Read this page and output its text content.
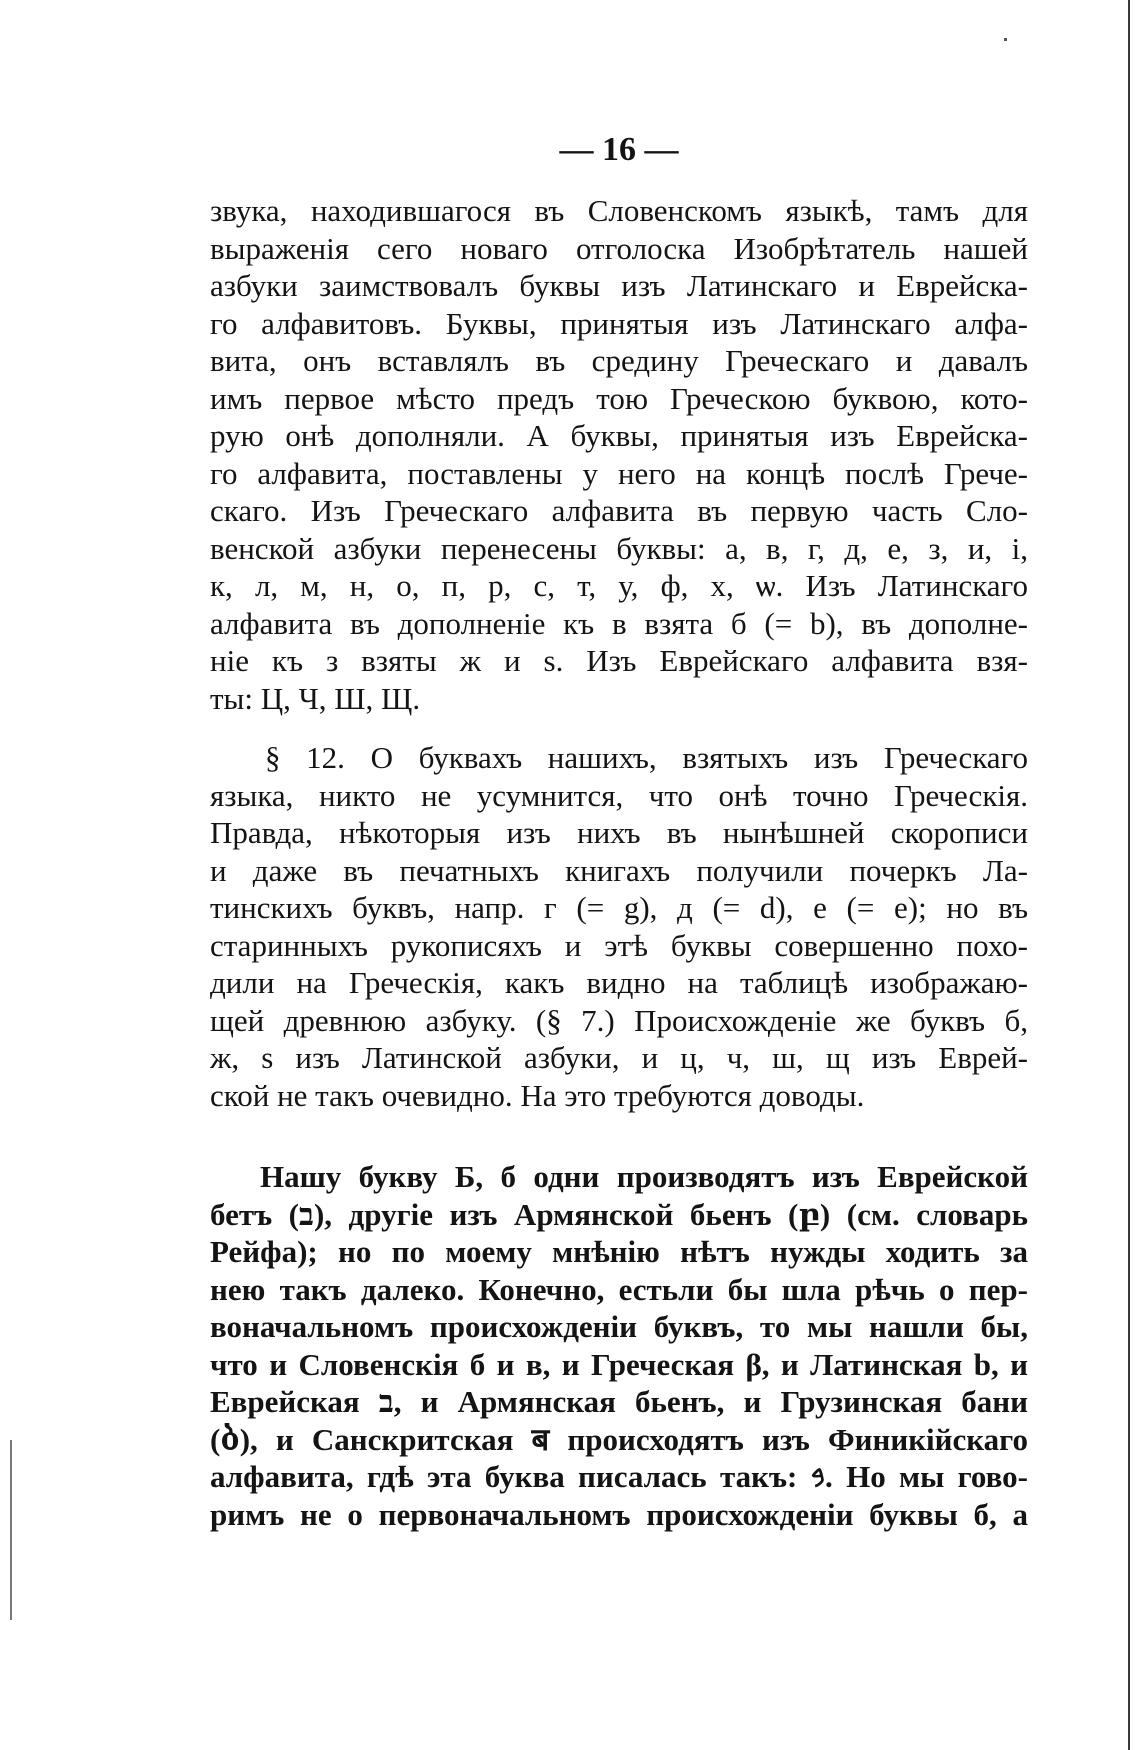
— 16 —
звука, находившагося въ Словенскомъ языкѣ, тамъ для
выраженія сего новаго отголоска Изобрѣтатель нашей
азбуки заимствовалъ буквы изъ Латинскаго и Еврейска-
го алфавитовъ. Буквы, принятыя изъ Латинскаго алфа-
вита, онъ вставлялъ въ средину Греческаго и давалъ
имъ первое мѣсто предъ тою Греческою буквою, кото-
рую онѣ дополняли. А буквы, принятыя изъ Еврейска-
го алфавита, поставлены у него на концѣ послѣ Грече-
скаго. Изъ Греческаго алфавита въ первую часть Сло-
венской азбуки перенесены буквы: а, в, г, д, е, з, и, і,
к, л, м, н, о, п, р, с, т, у, ф, х, ѡ. Изъ Латинскаго
алфавита въ дополненіе къ в взята б (= b), въ дополне-
ніе къ з взяты ж и ѕ. Изъ Еврейскаго алфавита взя-
ты: Ц, Ч, Ш, Щ.
§ 12. О буквахъ нашихъ, взятыхъ изъ Греческаго
языка, никто не усумнится, что онѣ точно Греческія.
Правда, нѣкоторыя изъ нихъ въ нынѣшней скорописи
и даже въ печатныхъ книгахъ получили почеркъ Ла-
тинскихъ буквъ, напр. г (= g), д (= d), е (= e); но въ
старинныхъ рукописяхъ и этѣ буквы совершенно похо-
дили на Греческія, какъ видно на таблицѣ изображаю-
щей древнюю азбуку. (§ 7.) Происхожденіе же буквъ б,
ж, ѕ изъ Латинской азбуки, и ц, ч, ш, щ изъ Еврей-
ской не такъ очевидно. На это требуются доводы.
Нашу букву Б, б одни производятъ изъ Еврейской
бетъ (ב), другіе изъ Армянской бьенъ (բ) (см. словарь
Рейфа); но по моему мнѣнію нѣтъ нужды ходить за
нею такъ далеко. Конечно, естьли бы шла рѣчь о пер-
воначальномъ происхожденіи буквъ, то мы нашли бы,
что и Словенскія б и в, и Греческая β, и Латинская b, и
Еврейская ב, и Армянская бьенъ, и Грузинская бани
(ბ), и Санскритская ब происходятъ изъ Финикійскаго
алфавита, гдѣ эта буква писалась такъ: 𐤁. Но мы гово-
римъ не о первоначальномъ происхожденіи буквы б, а
